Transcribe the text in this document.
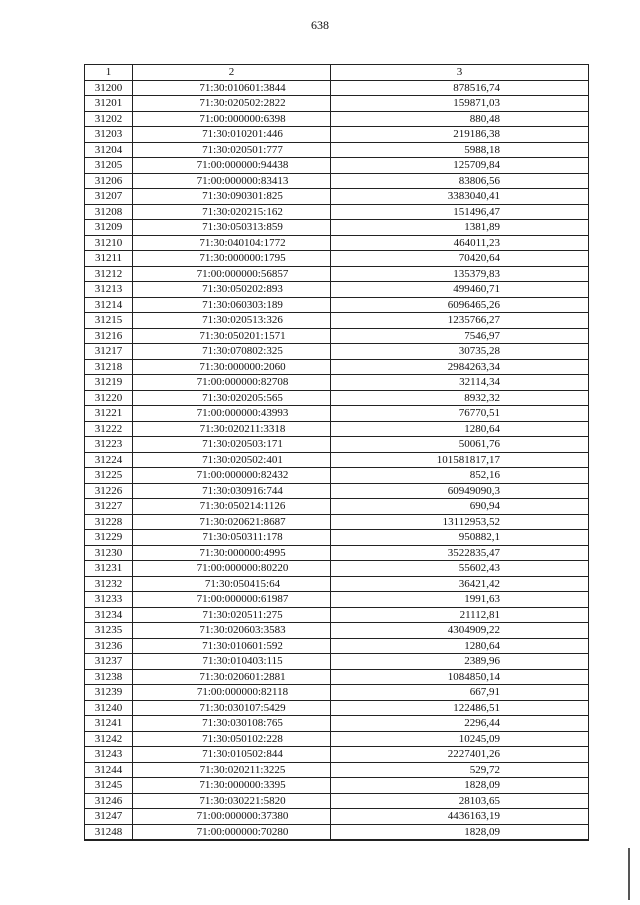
638
1	2	3
31200	71:30:010601:3844	878516,74
31201	71:30:020502:2822	159871,03
31202	71:00:000000:6398	880,48
31203	71:30:010201:446	219186,38
31204	71:30:020501:777	5988,18
31205	71:00:000000:94438	125709,84
31206	71:00:000000:83413	83806,56
31207	71:30:090301:825	3383040,41
31208	71:30:020215:162	151496,47
31209	71:30:050313:859	1381,89
31210	71:30:040104:1772	464011,23
31211	71:30:000000:1795	70420,64
31212	71:00:000000:56857	135379,83
31213	71:30:050202:893	499460,71
31214	71:30:060303:189	6096465,26
31215	71:30:020513:326	1235766,27
31216	71:30:050201:1571	7546,97
31217	71:30:070802:325	30735,28
31218	71:30:000000:2060	2984263,34
31219	71:00:000000:82708	32114,34
31220	71:30:020205:565	8932,32
31221	71:00:000000:43993	76770,51
31222	71:30:020211:3318	1280,64
31223	71:30:020503:171	50061,76
31224	71:30:020502:401	101581817,17
31225	71:00:000000:82432	852,16
31226	71:30:030916:744	60949090,3
31227	71:30:050214:1126	690,94
31228	71:30:020621:8687	13112953,52
31229	71:30:050311:178	950882,1
31230	71:30:000000:4995	3522835,47
31231	71:00:000000:80220	55602,43
31232	71:30:050415:64	36421,42
31233	71:00:000000:61987	1991,63
31234	71:30:020511:275	21112,81
31235	71:30:020603:3583	4304909,22
31236	71:30:010601:592	1280,64
31237	71:30:010403:115	2389,96
31238	71:30:020601:2881	1084850,14
31239	71:00:000000:82118	667,91
31240	71:30:030107:5429	122486,51
31241	71:30:030108:765	2296,44
31242	71:30:050102:228	10245,09
31243	71:30:010502:844	2227401,26
31244	71:30:020211:3225	529,72
31245	71:30:000000:3395	1828,09
31246	71:30:030221:5820	28103,65
31247	71:00:000000:37380	4436163,19
31248	71:00:000000:70280	1828,09
